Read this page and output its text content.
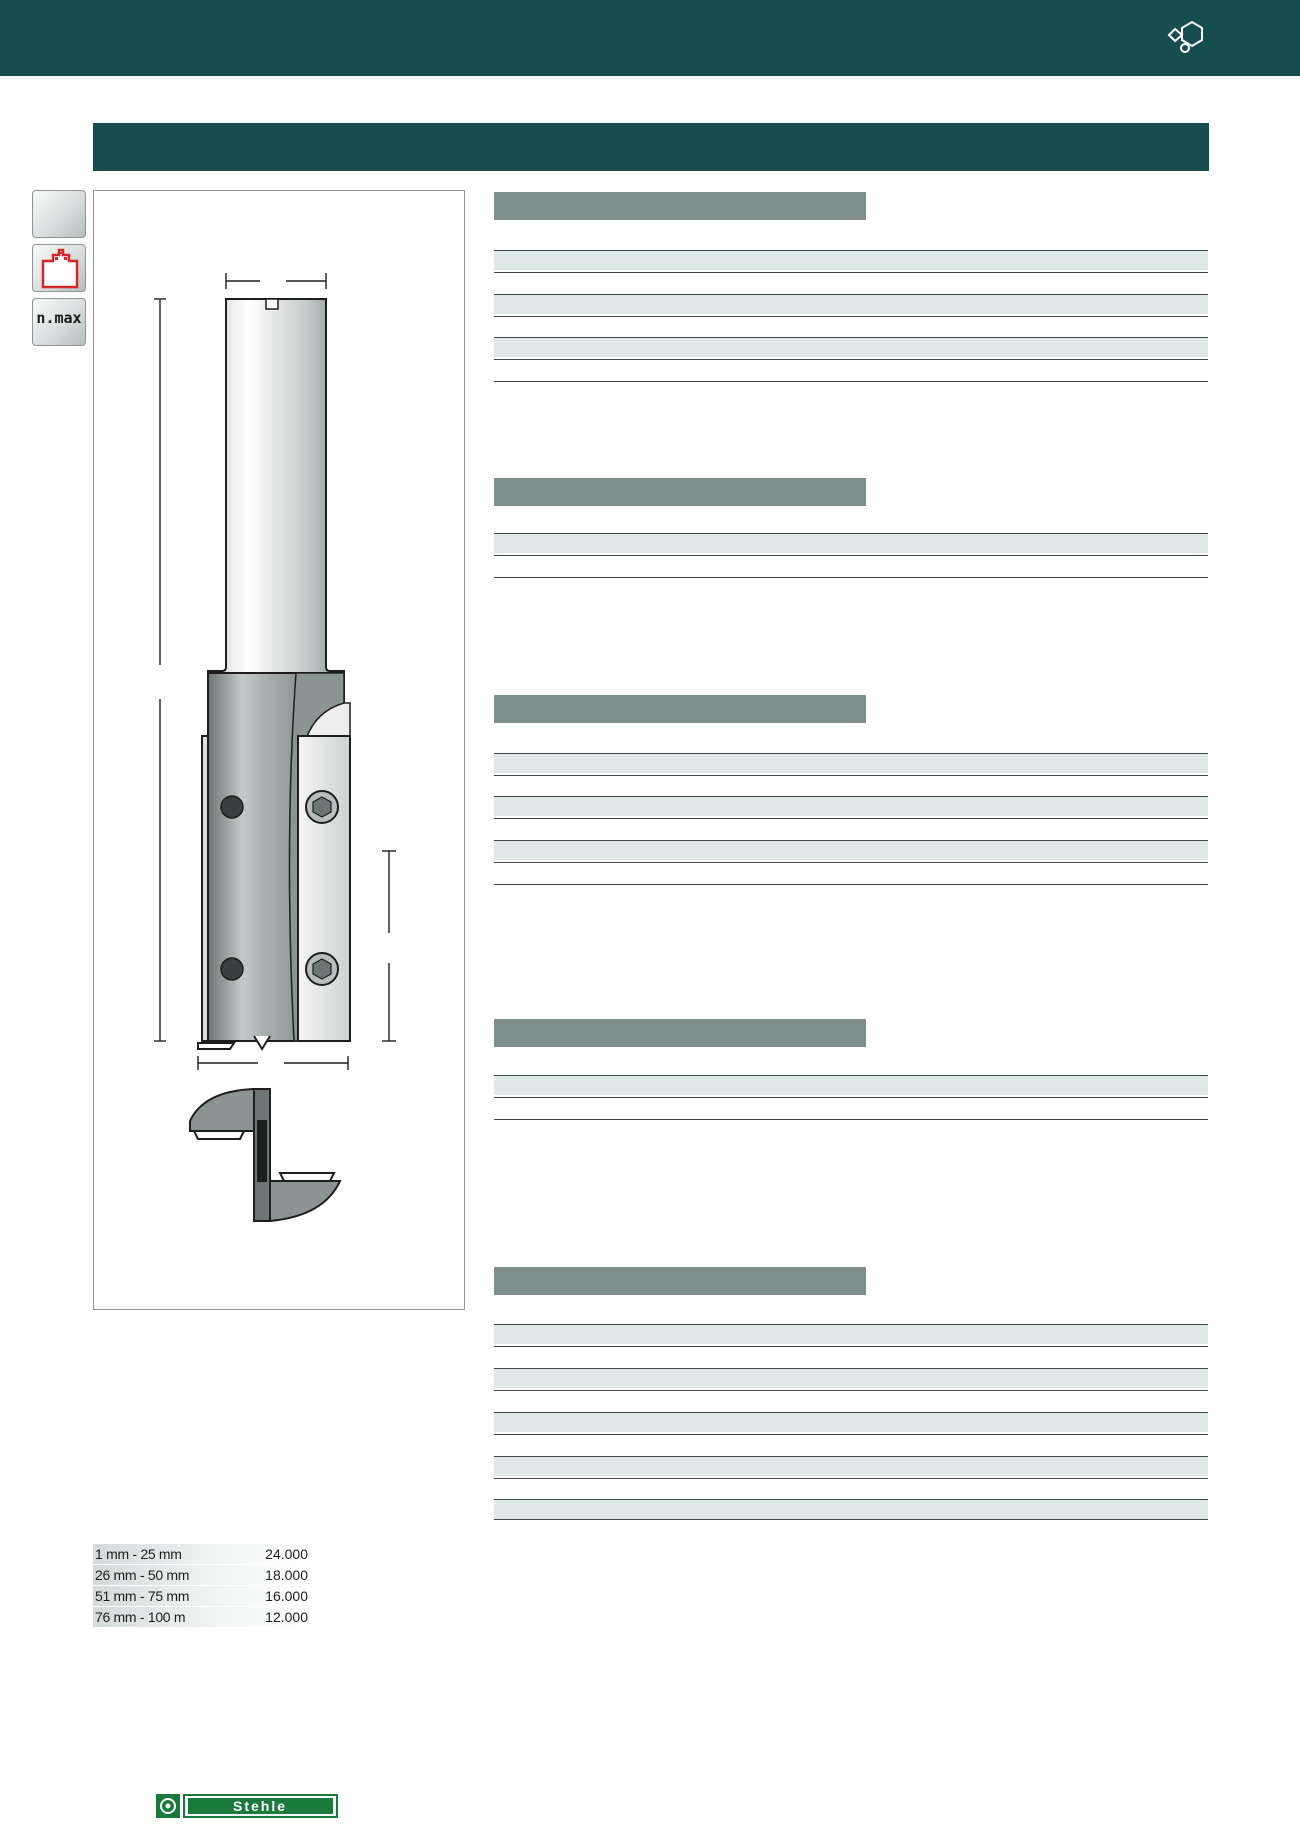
n.max
1 mm - 25 mm	24.000
26 mm - 50 mm	18.000
51 mm - 75 mm	16.000
76 mm - 100 m	12.000
Stehle
